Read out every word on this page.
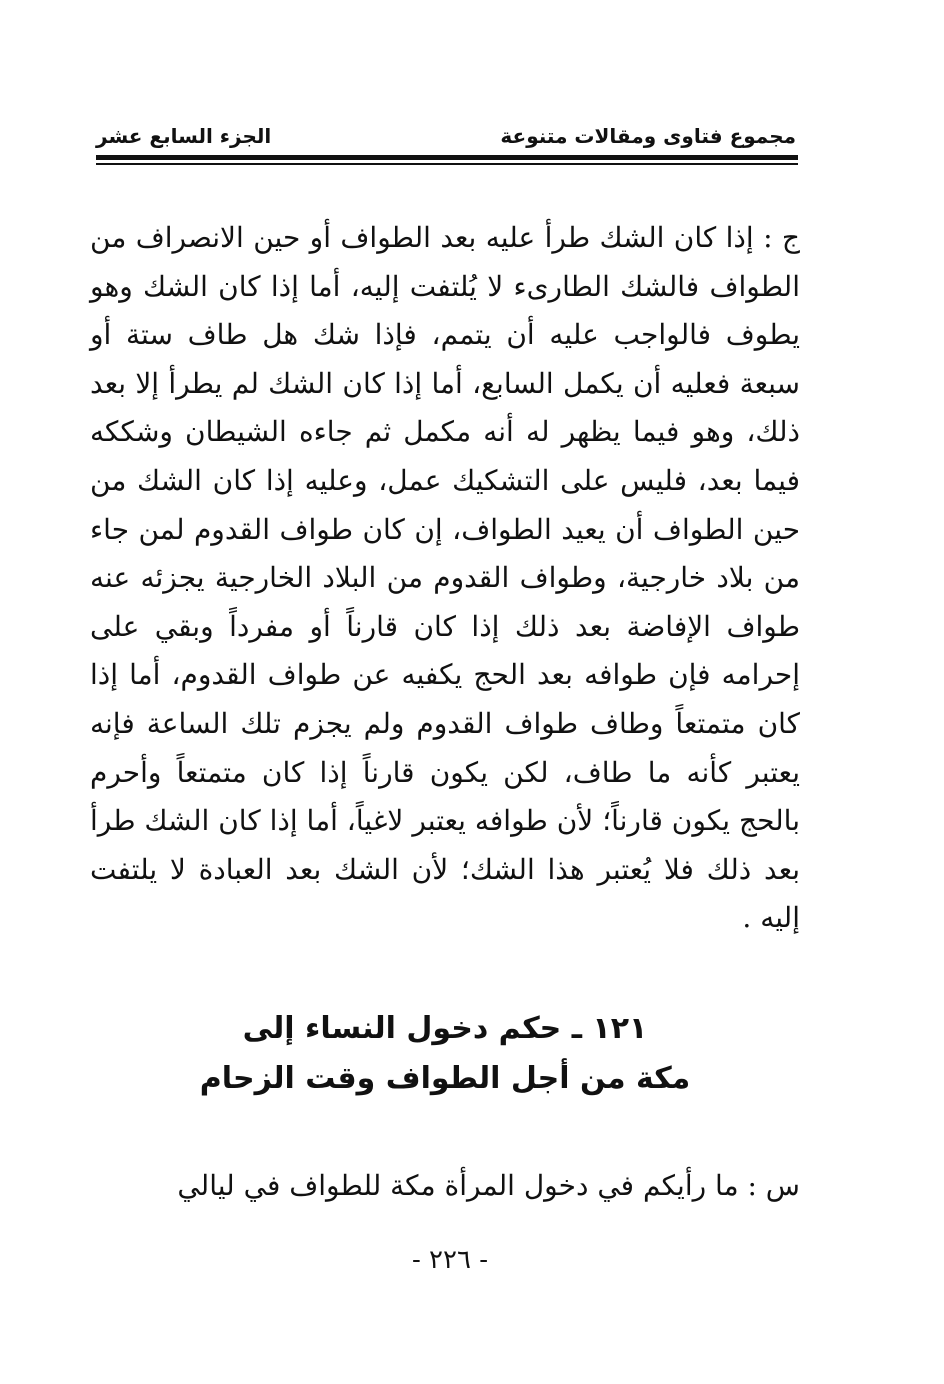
مجموع فتاوى ومقالات متنوعة
الجزء السابع عشر

ج : إذا كان الشك طرأ عليه بعد الطواف أو حين الانصراف من الطواف فالشك الطارىء لا يُلتفت إليه، أما إذا كان الشك وهو يطوف فالواجب عليه أن يتمم، فإذا شك هل طاف ستة أو سبعة فعليه أن يكمل السابع، أما إذا كان الشك لم يطرأ إلا بعد ذلك، وهو فيما يظهر له أنه مكمل ثم جاءه الشيطان وشككه فيما بعد، فليس على التشكيك عمل، وعليه إذا كان الشك من حين الطواف أن يعيد الطواف، إن كان طواف القدوم لمن جاء من بلاد خارجية، وطواف القدوم من البلاد الخارجية يجزئه عنه طواف الإفاضة بعد ذلك إذا كان قارناً أو مفرداً وبقي على إحرامه فإن طوافه بعد الحج يكفيه عن طواف القدوم، أما إذا كان متمتعاً وطاف طواف القدوم ولم يجزم تلك الساعة فإنه يعتبر كأنه ما طاف، لكن يكون قارناً إذا كان متمتعاً وأحرم بالحج يكون قارناً؛ لأن طوافه يعتبر لاغياً، أما إذا كان الشك طرأ بعد ذلك فلا يُعتبر هذا الشك؛ لأن الشك بعد العبادة لا يلتفت إليه .

١٢١ ـ حكم دخول النساء إلى
مكة من أجل الطواف وقت الزحام
س : ما رأيكم في دخول المرأة مكة للطواف في ليالي
- ٢٢٦ -
